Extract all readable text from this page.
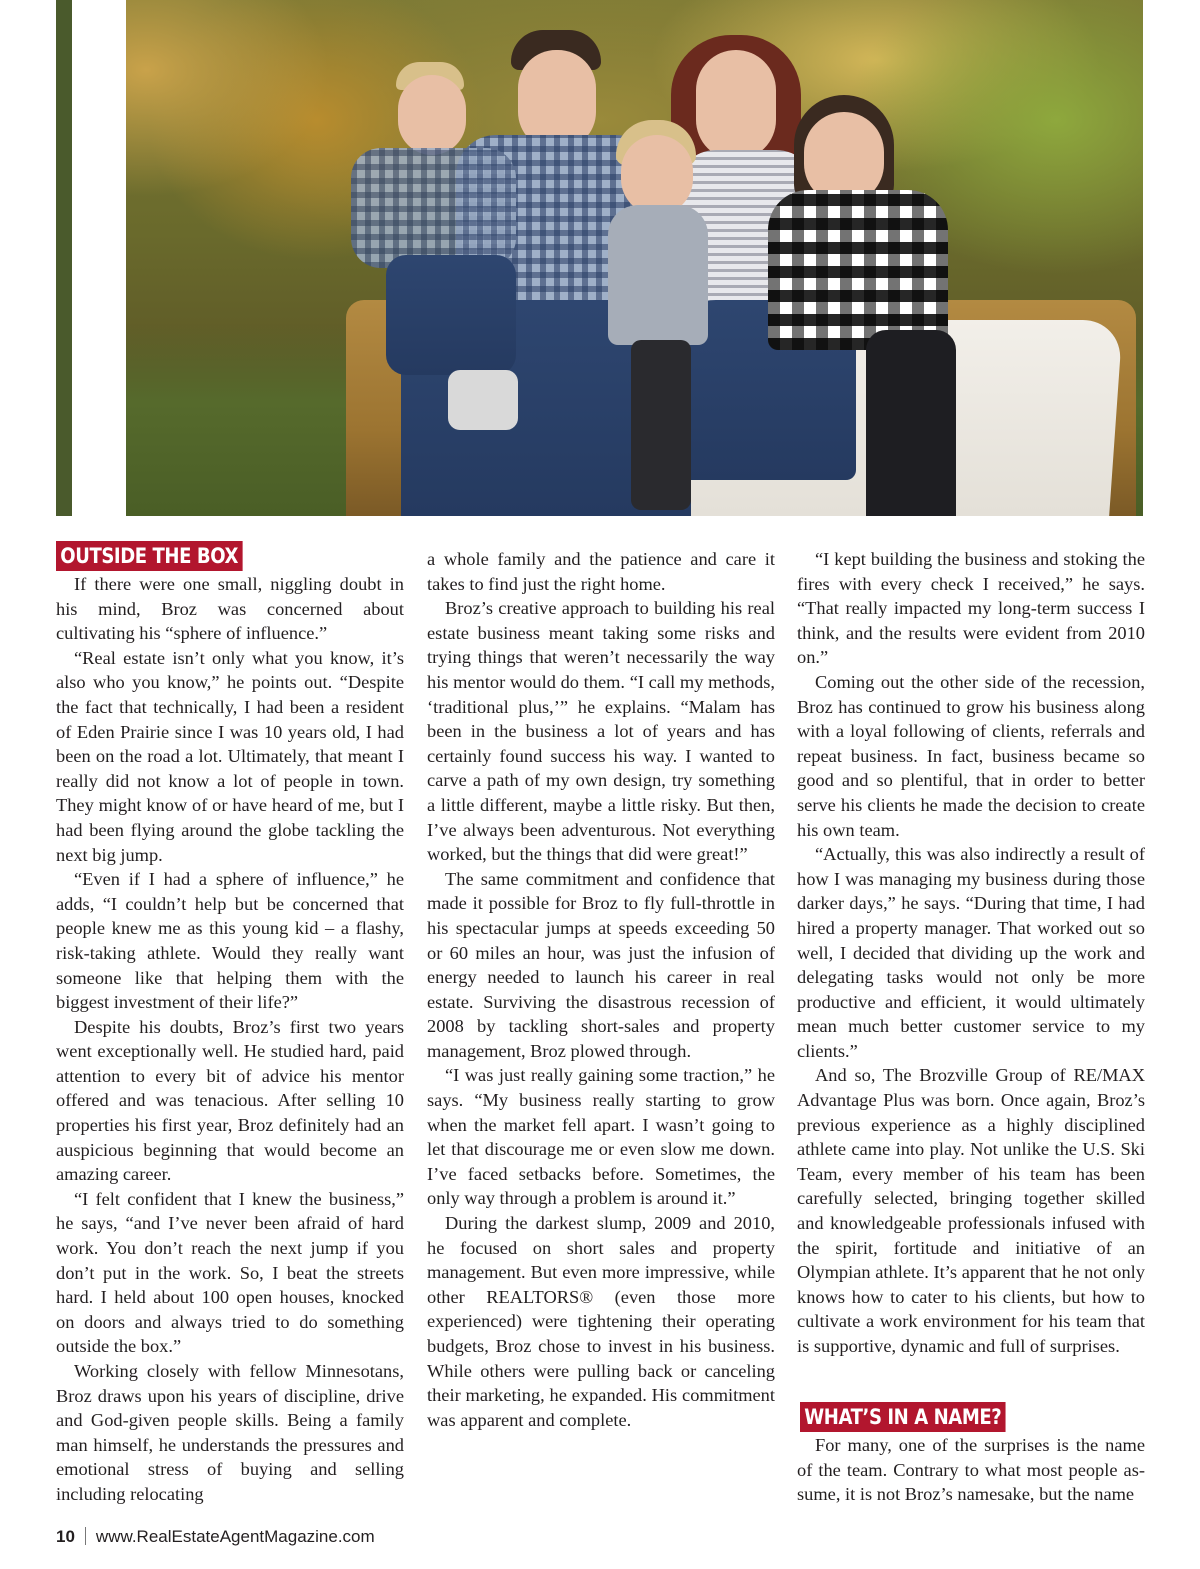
OUTSIDE THE BOX

If there were one small, niggling doubt in his mind, Broz was concerned about cultivating his “sphere of influence.”

“Real estate isn’t only what you know, it’s also who you know,” he points out. “Despite the fact that technically, I had been a resident of Eden Prairie since I was 10 years old, I had been on the road a lot. Ultimately, that meant I really did not know a lot of people in town. They might know of or have heard of me, but I had been flying around the globe tackling the next big jump.

“Even if I had a sphere of influence,” he adds, “I couldn’t help but be concerned that people knew me as this young kid – a flashy, risk-taking athlete. Would they really want someone like that helping them with the biggest investment of their life?”

Despite his doubts, Broz’s first two years went exceptionally well. He studied hard, paid attention to every bit of advice his mentor offered and was tenacious. After selling 10 properties his first year, Broz definitely had an auspicious beginning that would become an amazing career.

“I felt confident that I knew the business,” he says, “and I’ve never been afraid of hard work. You don’t reach the next jump if you don’t put in the work. So, I beat the streets hard. I held about 100 open houses, knocked on doors and always tried to do something outside the box.”

Working closely with fellow Minnesotans, Broz draws upon his years of discipline, drive and God-given people skills. Being a family man himself, he understands the pressures and emotional stress of buying and selling including relocating

a whole family and the patience and care it takes to find just the right home.

Broz’s creative approach to building his real estate business meant taking some risks and trying things that weren’t necessarily the way his mentor would do them. “I call my methods, ‘traditional plus,’” he explains. “Malam has been in the business a lot of years and has certainly found success his way. I wanted to carve a path of my own design, try something a little different, maybe a little risky. But then, I’ve always been adventurous. Not everything worked, but the things that did were great!”

The same commitment and confidence that made it possible for Broz to fly full-throttle in his spectacular jumps at speeds exceeding 50 or 60 miles an hour, was just the infusion of energy needed to launch his career in real estate. Surviving the disastrous recession of 2008 by tackling short-sales and property management, Broz plowed through.

“I was just really gaining some traction,” he says. “My business really starting to grow when the market fell apart. I wasn’t going to let that discourage me or even slow me down. I’ve faced setbacks before. Sometimes, the only way through a problem is around it.”

During the darkest slump, 2009 and 2010, he focused on short sales and property management. But even more impressive, while other REALTORS® (even those more experienced) were tightening their operating budgets, Broz chose to invest in his business. While others were pulling back or canceling their marketing, he expanded. His commitment was apparent and complete.

“I kept building the business and stoking the fires with every check I received,” he says. “That really impacted my long-term success I think, and the results were evident from 2010 on.”

Coming out the other side of the recession, Broz has continued to grow his business along with a loyal following of clients, referrals and repeat business. In fact, business became so good and so plentiful, that in order to better serve his clients he made the decision to create his own team.

“Actually, this was also indirectly a result of how I was managing my business during those darker days,” he says. “During that time, I had hired a property manager. That worked out so well, I decided that dividing up the work and delegating tasks would not only be more productive and efficient, it would ultimately mean much better customer service to my clients.”

And so, The Brozville Group of RE/MAX Advantage Plus was born. Once again, Broz’s previous experience as a highly disciplined athlete came into play. Not unlike the U.S. Ski Team, every member of his team has been carefully selected, bringing together skilled and knowledgeable professionals infused with the spirit, fortitude and initiative of an Olympian athlete. It’s apparent that he not only knows how to cater to his clients, but how to cultivate a work environment for his team that is supportive, dynamic and full of surprises.

WHAT’S IN A NAME?

For many, one of the surprises is the name of the team. Contrary to what most people assume, it is not Broz’s namesake, but the name

10 www.RealEstateAgentMagazine.com
